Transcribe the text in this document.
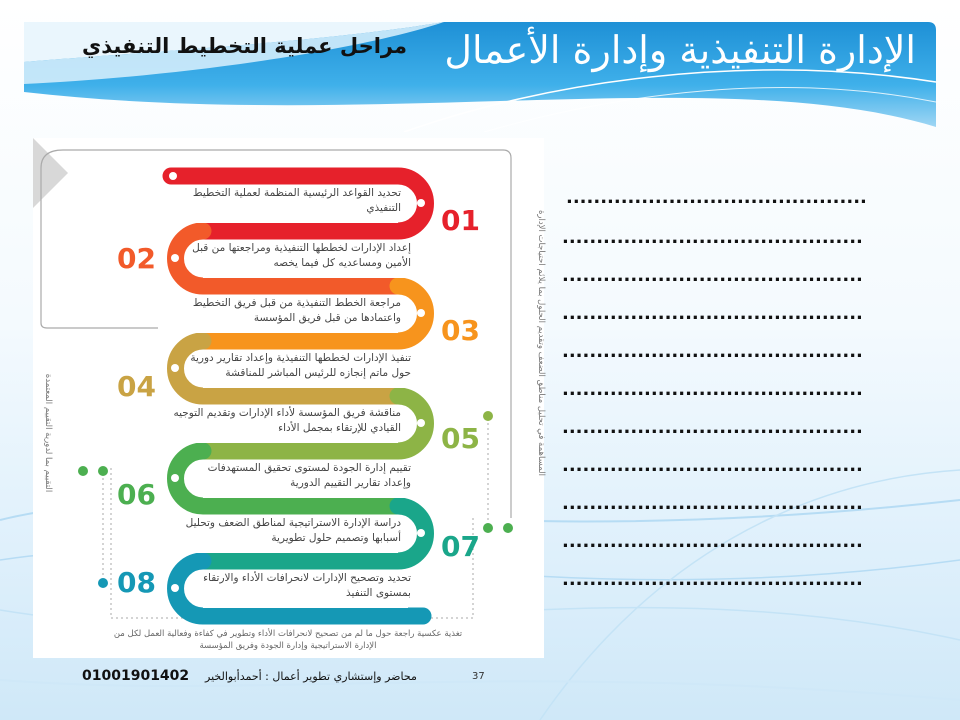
الإدارة التنفيذية وإدارة الأعمال
مراحل عملية التخطيط التنفيذي
01
02
03
04
05
06
07
08
تحديد القواعد الرئيسية المنظمة لعملية التخطيط
التنفيذي
إعداد الإدارات لخططها التنفيذية ومراجعتها من قبل
الأمين ومساعديه كل فيما يخصه
مراجعة الخطط التنفيذية من قبل فريق التخطيط
واعتمادها من قبل فريق المؤسسة
تنفيذ الإدارات لخططها التنفيذية وإعداد تقارير دورية
حول ماتم إنجازه للرئيس المباشر للمناقشة
مناقشة فريق المؤسسة لأداء الإدارات وتقديم التوجيه
القيادي للإرتقاء بمجمل الأداء
تقييم إدارة الجودة لمستوى تحقيق المستهدفات
وإعداد تقارير التقييم الدورية
دراسة الإدارة الاستراتيجية لمناطق الضعف وتحليل
أسبابها وتصميم حلول تطويرية
تحديد وتصحيح الإدارات لانحرافات الأداء والارتقاء
بمستوى التنفيذ
المساهمة في تحليل مناطق الضعف وتقديم الحلول بما يلائم احتياجات الإدارة
التقييم بما لدورية التقييم المعتمدة
تغذية عكسية راجعة حول ما لم من تصحيح لانحرافات الأداء وتطوير في كفاءة وفعالية العمل لكل من الإدارة الاستراتيجية وإدارة الجودة وفريق المؤسسة
............................................
............................................
............................................
............................................
............................................
............................................
............................................
............................................
............................................
............................................
............................................
01001901402 محاضر وإستشاري تطوير أعمال : أحمدأبوالخير	37
